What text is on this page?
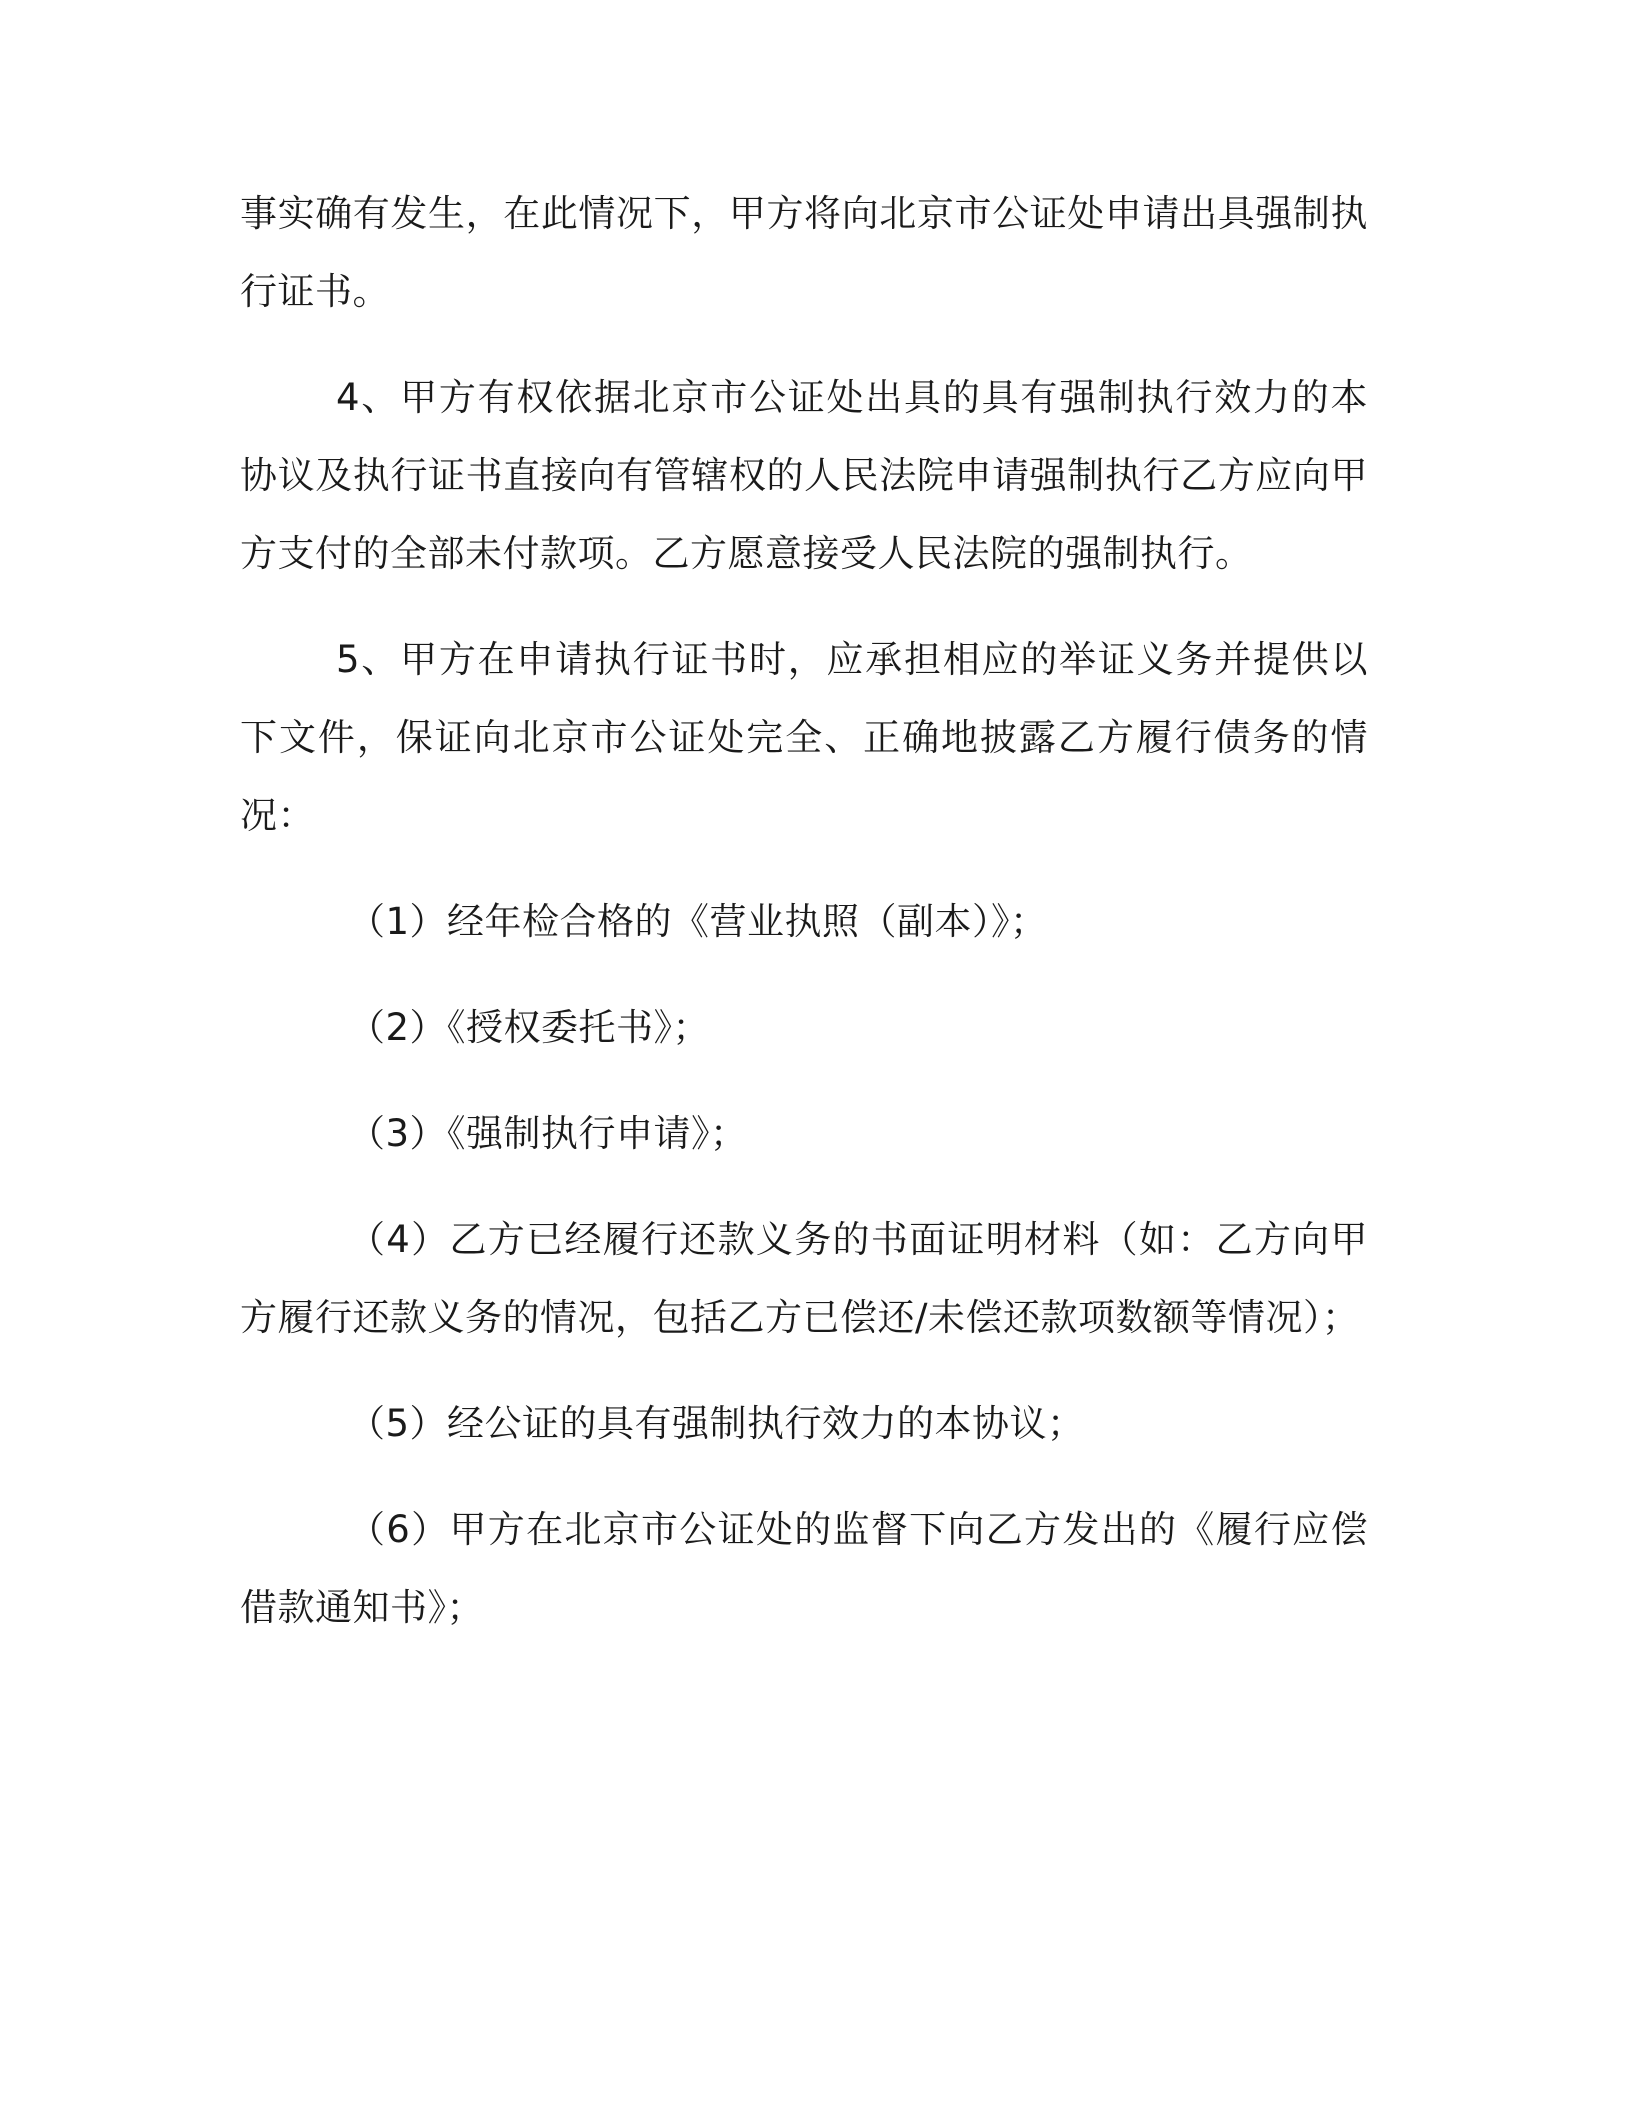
事实确有发生，在此情况下，甲方将向北京市公证处申请出具强制执行证书。

4、甲方有权依据北京市公证处出具的具有强制执行效力的本协议及执行证书直接向有管辖权的人民法院申请强制执行乙方应向甲方支付的全部未付款项。乙方愿意接受人民法院的强制执行。

5、甲方在申请执行证书时，应承担相应的举证义务并提供以下文件，保证向北京市公证处完全、正确地披露乙方履行债务的情况：

（1）经年检合格的《营业执照（副本）》；

（2）《授权委托书》；

（3）《强制执行申请》；

（4）乙方已经履行还款义务的书面证明材料（如：乙方向甲方履行还款义务的情况，包括乙方已偿还/未偿还款项数额等情况）；

（5）经公证的具有强制执行效力的本协议；

（6）甲方在北京市公证处的监督下向乙方发出的《履行应偿借款通知书》；
